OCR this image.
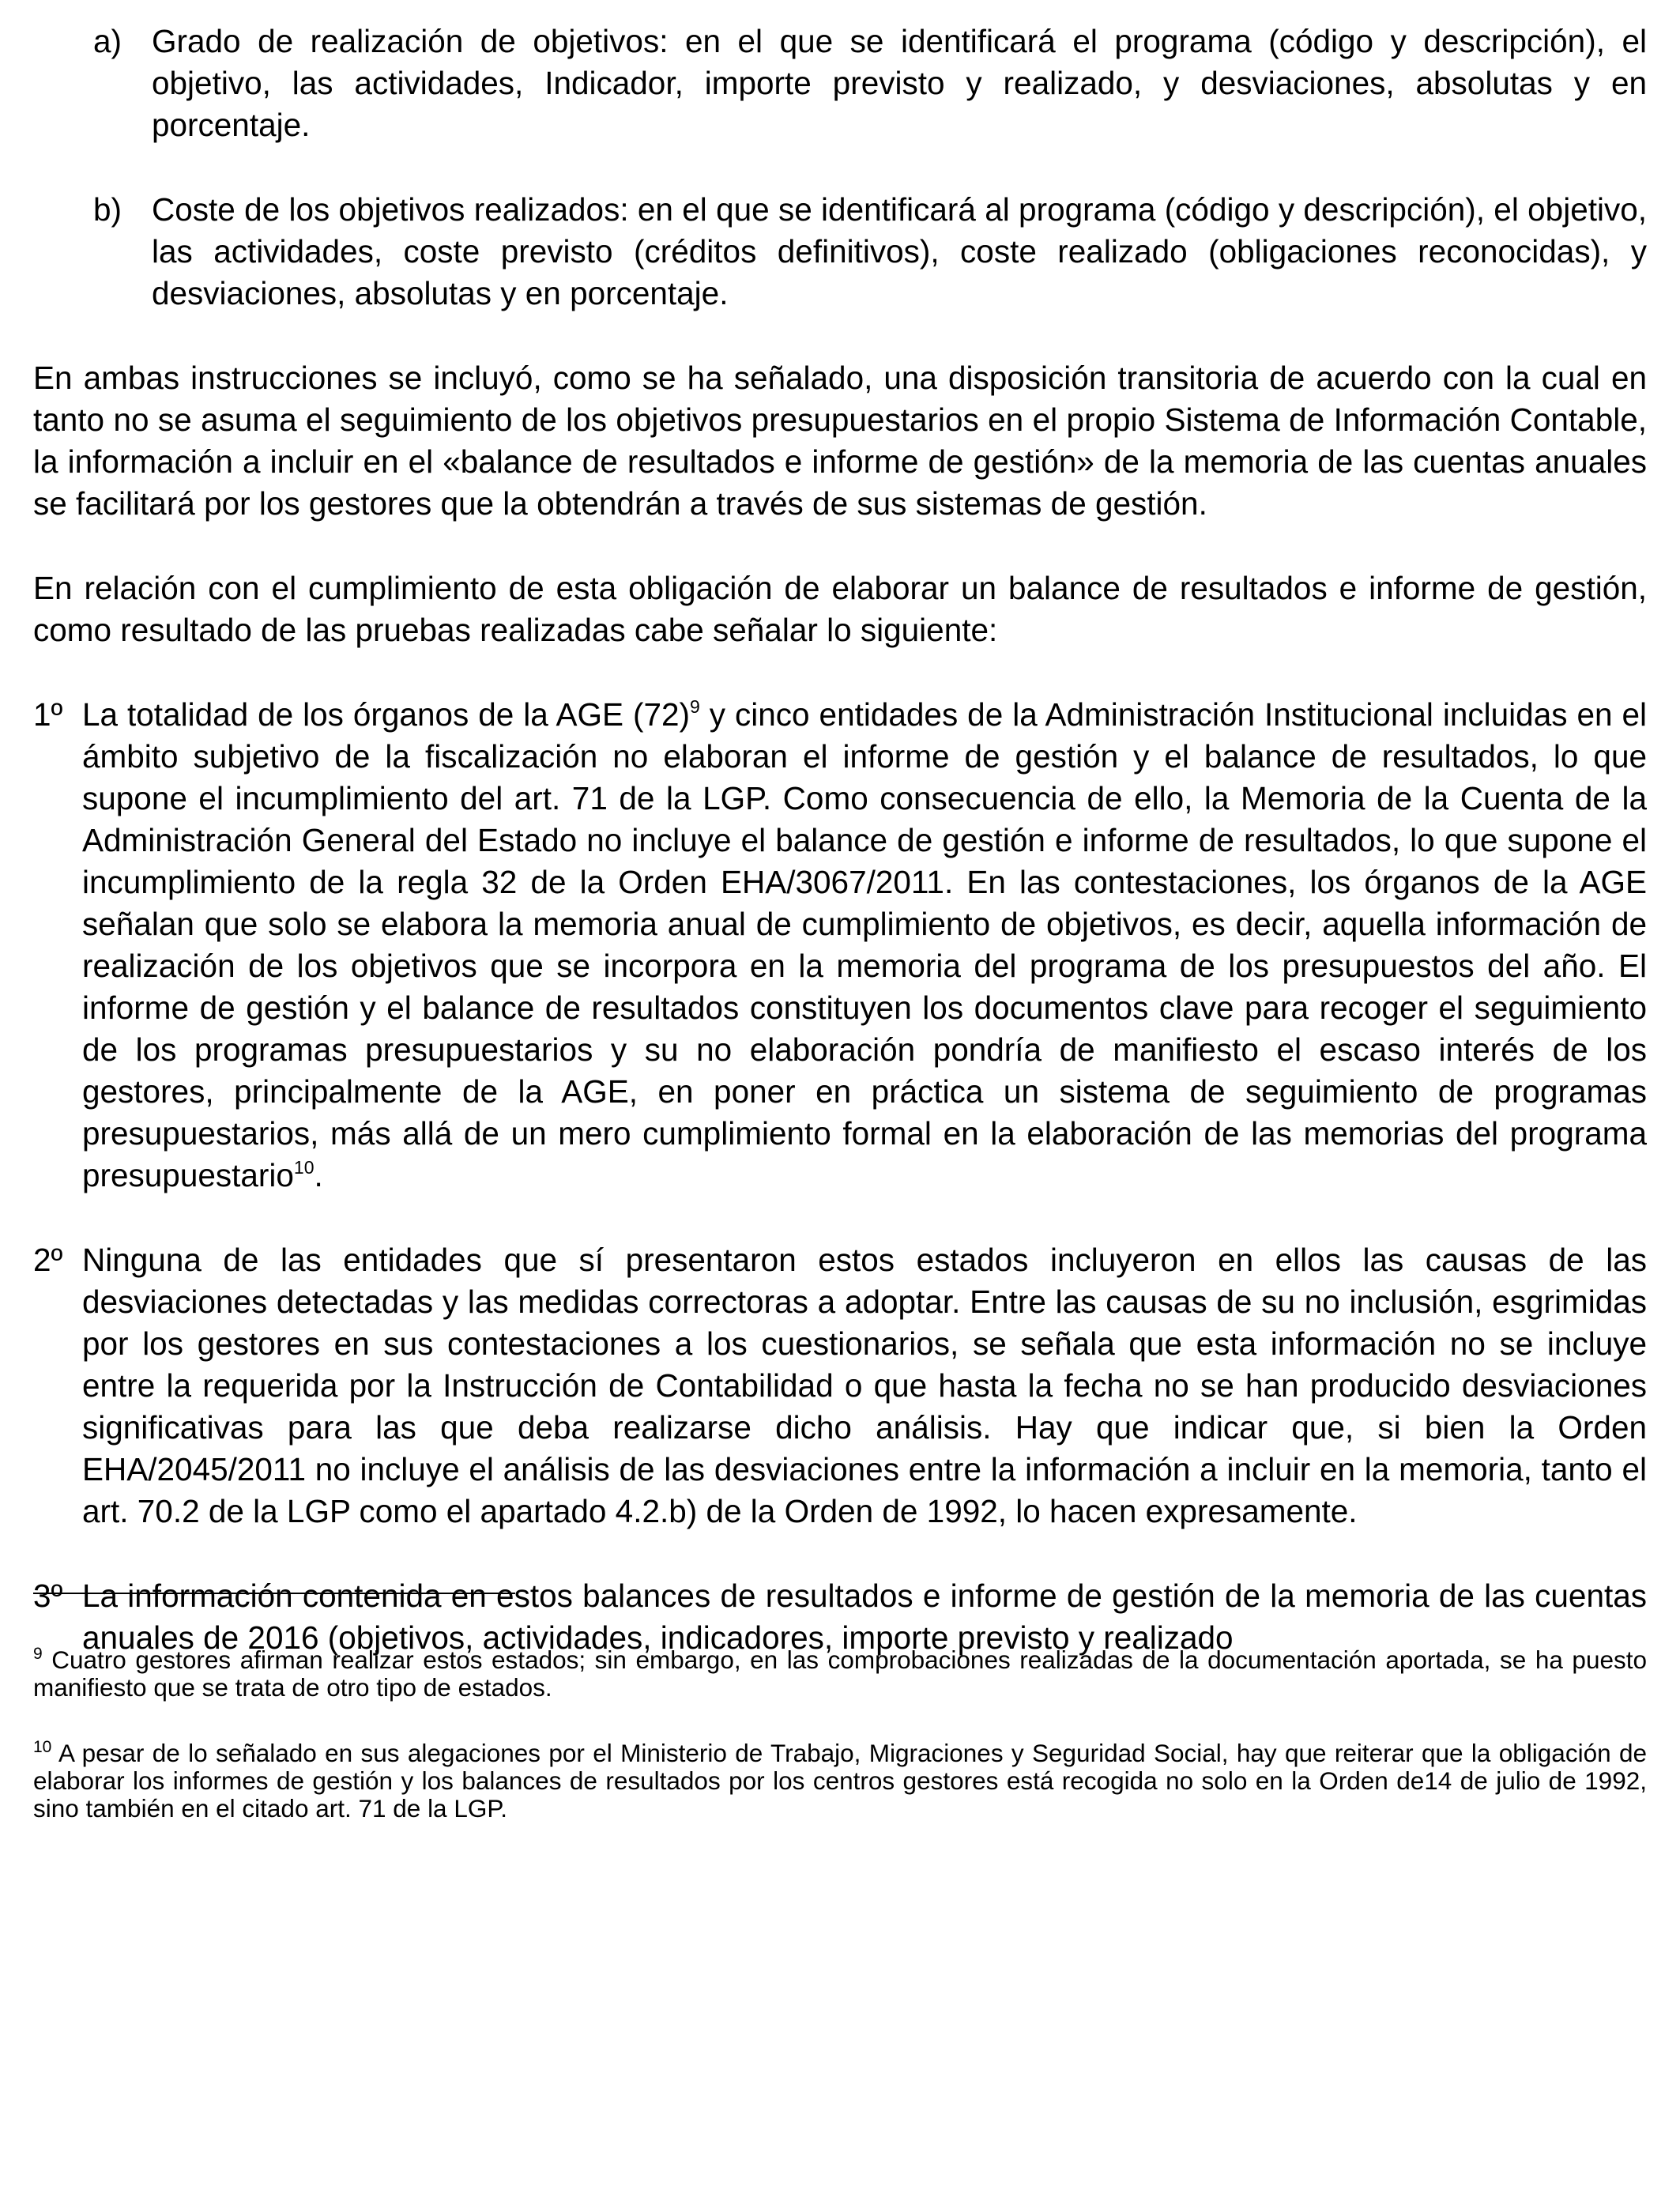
a) Grado de realización de objetivos: en el que se identificará el programa (código y descripción), el objetivo, las actividades, Indicador, importe previsto y realizado, y desviaciones, absolutas y en porcentaje.
b) Coste de los objetivos realizados: en el que se identificará al programa (código y descripción), el objetivo, las actividades, coste previsto (créditos definitivos), coste realizado (obligaciones reconocidas), y desviaciones, absolutas y en porcentaje.

En ambas instrucciones se incluyó, como se ha señalado, una disposición transitoria de acuerdo con la cual en tanto no se asuma el seguimiento de los objetivos presupuestarios en el propio Sistema de Información Contable, la información a incluir en el «balance de resultados e informe de gestión» de la memoria de las cuentas anuales se facilitará por los gestores que la obtendrán a través de sus sistemas de gestión.

En relación con el cumplimiento de esta obligación de elaborar un balance de resultados e informe de gestión, como resultado de las pruebas realizadas cabe señalar lo siguiente:

1º La totalidad de los órganos de la AGE $(72)^9$ y cinco entidades de la Administración Institucional incluidas en el ámbito subjetivo de la fiscalización no elaboran el informe de gestión y el balance de resultados, lo que supone el incumplimiento del art. 71 de la LGP. Como consecuencia de ello, la Memoria de la Cuenta de la Administración General del Estado no incluye el balance de gestión e informe de resultados, lo que supone el incumplimiento de la regla 32 de la Orden EHA/3067/2011. En las contestaciones, los órganos de la AGE señalan que solo se elabora la memoria anual de cumplimiento de objetivos, es decir, aquella información de realización de los objetivos que se incorpora en la memoria del programa de los presupuestos del año. El informe de gestión y el balance de resultados constituyen los documentos clave para recoger el seguimiento de los programas presupuestarios y su no elaboración pondría de manifiesto el escaso interés de los gestores, principalmente de la AGE, en poner en práctica un sistema de seguimiento de programas presupuestarios, más allá de un mero cumplimiento formal en la elaboración de las memorias del programa presupuestario$^{10}$.
2º Ninguna de las entidades que sí presentaron estos estados incluyeron en ellos las causas de las desviaciones detectadas y las medidas correctoras a adoptar. Entre las causas de su no inclusión, esgrimidas por los gestores en sus contestaciones a los cuestionarios, se señala que esta información no se incluye entre la requerida por la Instrucción de Contabilidad o que hasta la fecha no se han producido desviaciones significativas para las que deba realizarse dicho análisis. Hay que indicar que, si bien la Orden EHA/2045/2011 no incluye el análisis de las desviaciones entre la información a incluir en la memoria, tanto el art. 70.2 de la LGP como el apartado 4.2.b) de la Orden de 1992, lo hacen expresamente.
3º La información contenida en estos balances de resultados e informe de gestión de la memoria de las cuentas anuales de 2016 (objetivos, actividades, indicadores, importe previsto y realizado

$^9$ Cuatro gestores afirman realizar estos estados; sin embargo, en las comprobaciones realizadas de la documentación aportada, se ha puesto manifiesto que se trata de otro tipo de estados.

$^{10}$ A pesar de lo señalado en sus alegaciones por el Ministerio de Trabajo, Migraciones y Seguridad Social, hay que reiterar que la obligación de elaborar los informes de gestión y los balances de resultados por los centros gestores está recogida no solo en la Orden de14 de julio de 1992, sino también en el citado art. 71 de la LGP.
